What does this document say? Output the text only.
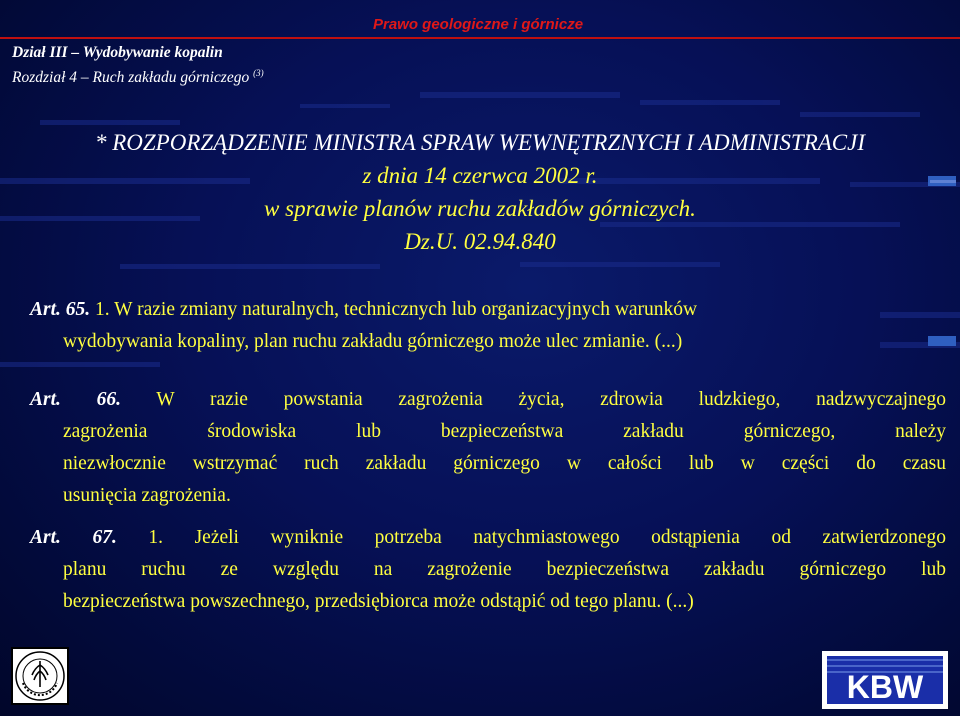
Prawo geologiczne i górnicze

Dział III – Wydobywanie kopalin
Rozdział 4 – Ruch zakładu górniczego $^{(3)}$
* ROZPORZĄDZENIE MINISTRA SPRAW WEWNĘTRZNYCH I ADMINISTRACJI
z dnia 14 czerwca 2002 r.
w sprawie planów ruchu zakładów górniczych.
Dz.U. 02.94.840
Art. 65. 1. W razie zmiany naturalnych, technicznych lub organizacyjnych warunków
wydobywania kopaliny, plan ruchu zakładu górniczego może ulec zmianie. (...)
Art. 66. W razie powstania zagrożenia życia, zdrowia ludzkiego, nadzwyczajnego
zagrożenia środowiska lub bezpieczeństwa zakładu górniczego, należy
niezwłocznie wstrzymać ruch zakładu górniczego w całości lub w części do czasu
usunięcia zagrożenia.
Art. 67. 1. Jeżeli wyniknie potrzeba natychmiastowego odstąpienia od zatwierdzonego
planu ruchu ze względu na zagrożenie bezpieczeństwa zakładu górniczego lub
bezpieczeństwa powszechnego, przedsiębiorca może odstąpić od tego planu. (...)
KBW
